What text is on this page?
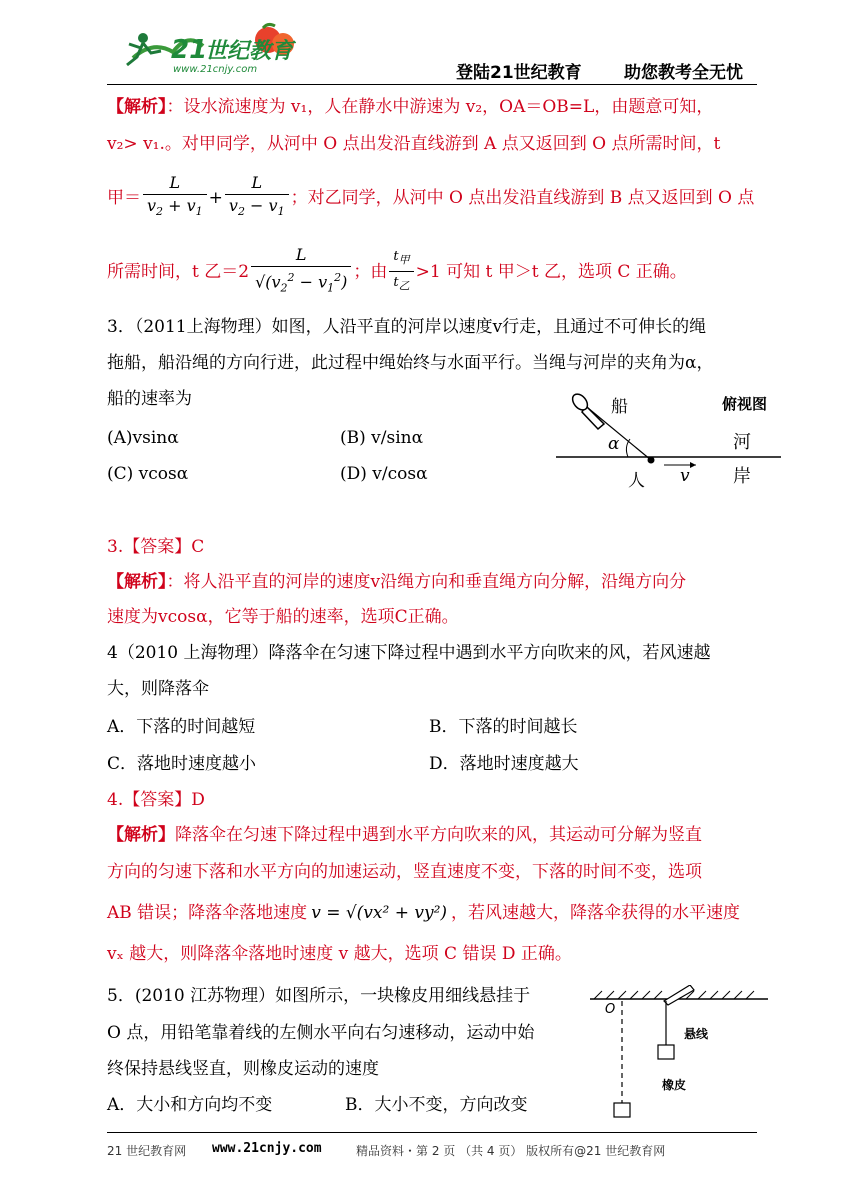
21
世纪教育
www.21cnjy.com	登陆21世纪教育 助您教考全无忧
【解析】：设水流速度为 v₁，人在静水中游速为 v₂，OA＝OB=L，由题意可知，
v₂> v₁.。对甲同学，从河中 O 点出发沿直线游到 A 点又返回到 O 点所需时间，t
甲＝ $\frac{L}{v_2 + v_1} + \frac{L}{v_2 - v_1}$ ；对乙同学，从河中 O 点出发沿直线游到 B 点又返回到 O 点
所需时间，t 乙$=2 \frac{L}{√(v_2^2 - v_1^2)}$ ；由 $\frac{t_甲}{t_乙} >1$ 可知 t 甲＞t 乙，选项 C 正确。
3．（2011上海物理）如图，人沿平直的河岸以速度v行走，且通过不可伸长的绳
拖船，船沿绳的方向行进，此过程中绳始终与水面平行。当绳与河岸的夹角为α，
船的速率为
(A)vsinα	(B) v/sinα
(C) vcosα	(D) v/cosα
船	俯视图
河
岸
人
α
v
3.【答案】C
【解析】：将人沿平直的河岸的速度v沿绳方向和垂直绳方向分解，沿绳方向分
速度为vcosα，它等于船的速率，选项C正确。
4（2010 上海物理）降落伞在匀速下降过程中遇到水平方向吹来的风，若风速越
大，则降落伞
A．下落的时间越短	B．下落的时间越长
C．落地时速度越小	D．落地时速度越大
4.【答案】D
【解析】降落伞在匀速下降过程中遇到水平方向吹来的风，其运动可分解为竖直
方向的匀速下落和水平方向的加速运动，竖直速度不变，下落的时间不变，选项
AB 错误；降落伞落地速度 v = √(vx² + vy²) ，若风速越大，降落伞获得的水平速度
vₓ 越大，则降落伞落地时速度 v 越大，选项 C 错误 D 正确。
5．(2010 江苏物理）如图所示，一块橡皮用细线悬挂于
O 点，用铅笔靠着线的左侧水平向右匀速移动，运动中始
终保持悬线竖直，则橡皮运动的速度
A．大小和方向均不变	B．大小不变，方向改变
O
悬线
橡皮
21 世纪教育网 www.21cnjy.com	精品资料・第 2 页 （共 4 页） 版权所有@21 世纪教育网
